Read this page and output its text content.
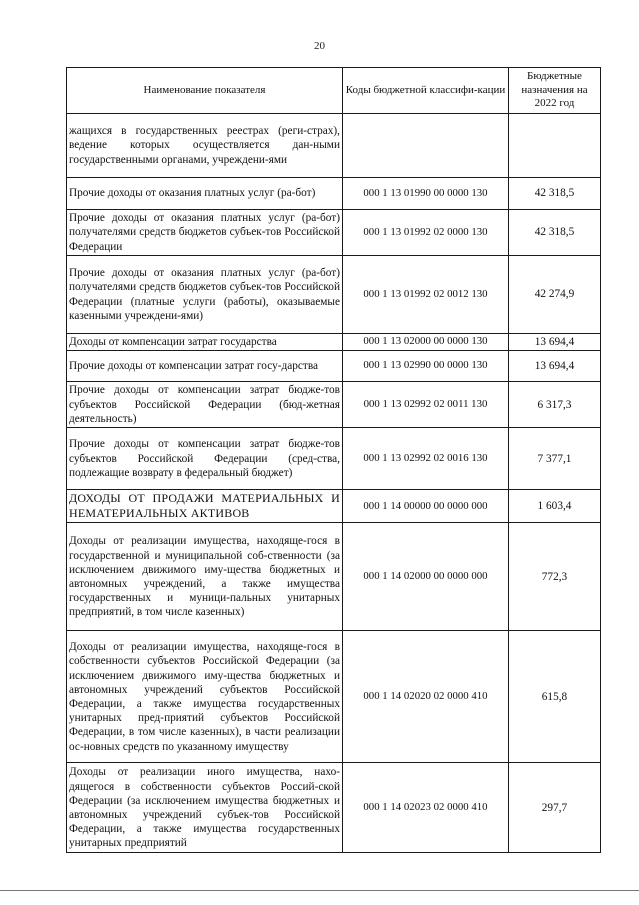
20
Наименование показателя	Коды бюджетной классифи-кации	Бюджетные назначения на 2022 год
жащихся в государственных реестрах (реги-страх), ведение которых осуществляется дан-ными государственными органами, учреждени-ями		
Прочие доходы от оказания платных услуг (ра-бот)	000 1 13 01990 00 0000 130	42 318,5
Прочие доходы от оказания платных услуг (ра-бот) получателями средств бюджетов субъек-тов Российской Федерации	000 1 13 01992 02 0000 130	42 318,5
Прочие доходы от оказания платных услуг (ра-бот) получателями средств бюджетов субъек-тов Российской Федерации (платные услуги (работы), оказываемые казенными учреждени-ями)	000 1 13 01992 02 0012 130	42 274,9
Доходы от компенсации затрат государства	000 1 13 02000 00 0000 130	13 694,4
Прочие доходы от компенсации затрат госу-дарства	000 1 13 02990 00 0000 130	13 694,4
Прочие доходы от компенсации затрат бюдже-тов субъектов Российской Федерации (бюд-жетная деятельность)	000 1 13 02992 02 0011 130	6 317,3
Прочие доходы от компенсации затрат бюдже-тов субъектов Российской Федерации (сред-ства, подлежащие возврату в федеральный бюджет)	000 1 13 02992 02 0016 130	7 377,1
ДОХОДЫ ОТ ПРОДАЖИ МАТЕРИАЛЬНЫХ И НЕМАТЕРИАЛЬНЫХ АКТИВОВ	000 1 14 00000 00 0000 000	1 603,4
Доходы от реализации имущества, находяще-гося в государственной и муниципальной соб-ственности (за исключением движимого иму-щества бюджетных и автономных учреждений, а также имущества государственных и муници-пальных унитарных предприятий, в том числе казенных)	000 1 14 02000 00 0000 000	772,3
Доходы от реализации имущества, находяще-гося в собственности субъектов Российской Федерации (за исключением движимого иму-щества бюджетных и автономных учреждений субъектов Российской Федерации, а также имущества государственных унитарных пред-приятий субъектов Российской Федерации, в том числе казенных), в части реализации ос-новных средств по указанному имуществу	000 1 14 02020 02 0000 410	615,8
Доходы от реализации иного имущества, нахо-дящегося в собственности субъектов Россий-ской Федерации (за исключением имущества бюджетных и автономных учреждений субъек-тов Российской Федерации, а также имущества государственных унитарных предприятий	000 1 14 02023 02 0000 410	297,7
